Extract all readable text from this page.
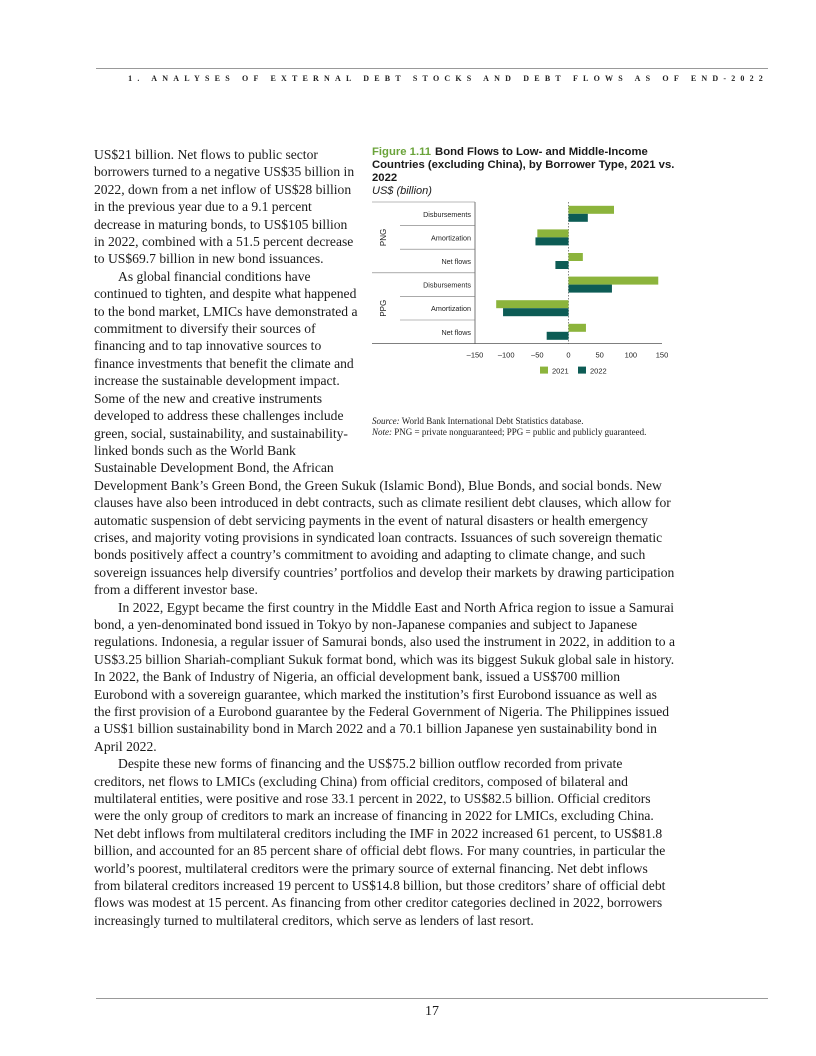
1. ANALYSES OF EXTERNAL DEBT STOCKS AND DEBT FLOWS AS OF END-2022
Figure 1.11 Bond Flows to Low- and Middle-Income Countries (excluding China), by Borrower Type, 2021 vs. 2022
US$ (billion)
PNG
PPG
Disbursements
Amortization
Net flows
Disbursements
Amortization
Net flows
–150 –100 –50	0	50	100 150
2021	2022
Source: World Bank International Debt Statistics database.
Note: PNG = private nonguaranteed; PPG = public and publicly guaranteed.

US$21 billion. Net flows to public sector borrowers turned to a negative US$35 billion in 2022, down from a net inflow of US$28 billion in the previous year due to a 9.1 percent decrease in maturing bonds, to US$105 billion in 2022, combined with a 51.5 percent decrease to US$69.7 billion in new bond issuances.

As global financial conditions have continued to tighten, and despite what happened to the bond market, LMICs have demonstrated a commitment to diversify their sources of financing and to tap innovative sources to finance investments that benefit the climate and increase the sustainable development impact. Some of the new and creative instruments developed to address these challenges include green, social, sustainability, and sustainability-linked bonds such as the World Bank Sustainable Development Bond, the African Development Bank’s Green Bond, the Green Sukuk (Islamic Bond), Blue Bonds, and social bonds. New clauses have also been introduced in debt contracts, such as climate resilient debt clauses, which allow for automatic suspension of debt servicing payments in the event of natural disasters or health emergency crises, and majority voting provisions in syndicated loan contracts. Issuances of such sovereign thematic bonds positively affect a country’s commitment to avoiding and adapting to climate change, and such sovereign issuances help diversify countries’ portfolios and develop their markets by drawing participation from a different investor base.

In 2022, Egypt became the first country in the Middle East and North Africa region to issue a Samurai bond, a yen-denominated bond issued in Tokyo by non-Japanese companies and subject to Japanese regulations. Indonesia, a regular issuer of Samurai bonds, also used the instrument in 2022, in addition to a US$3.25 billion Shariah-compliant Sukuk format bond, which was its biggest Sukuk global sale in history. In 2022, the Bank of Industry of Nigeria, an official development bank, issued a US$700 million Eurobond with a sovereign guarantee, which marked the institution’s first Eurobond issuance as well as the first provision of a Eurobond guarantee by the Federal Government of Nigeria. The Philippines issued a US$1 billion sustainability bond in March 2022 and a 70.1 billion Japanese yen sustainability bond in April 2022.

Despite these new forms of financing and the US$75.2 billion outflow recorded from private creditors, net flows to LMICs (excluding China) from official creditors, composed of bilateral and multilateral entities, were positive and rose 33.1 percent in 2022, to US$82.5 billion. Official creditors were the only group of creditors to mark an increase of financing in 2022 for LMICs, excluding China. Net debt inflows from multilateral creditors including the IMF in 2022 increased 61 percent, to US$81.8 billion, and accounted for an 85 percent share of official debt flows. For many countries, in particular the world’s poorest, multilateral creditors were the primary source of external financing. Net debt inflows from bilateral creditors increased 19 percent to US$14.8 billion, but those creditors’ share of official debt flows was modest at 15 percent. As financing from other creditor categories declined in 2022, borrowers increasingly turned to multilateral creditors, which serve as lenders of last resort.

17
